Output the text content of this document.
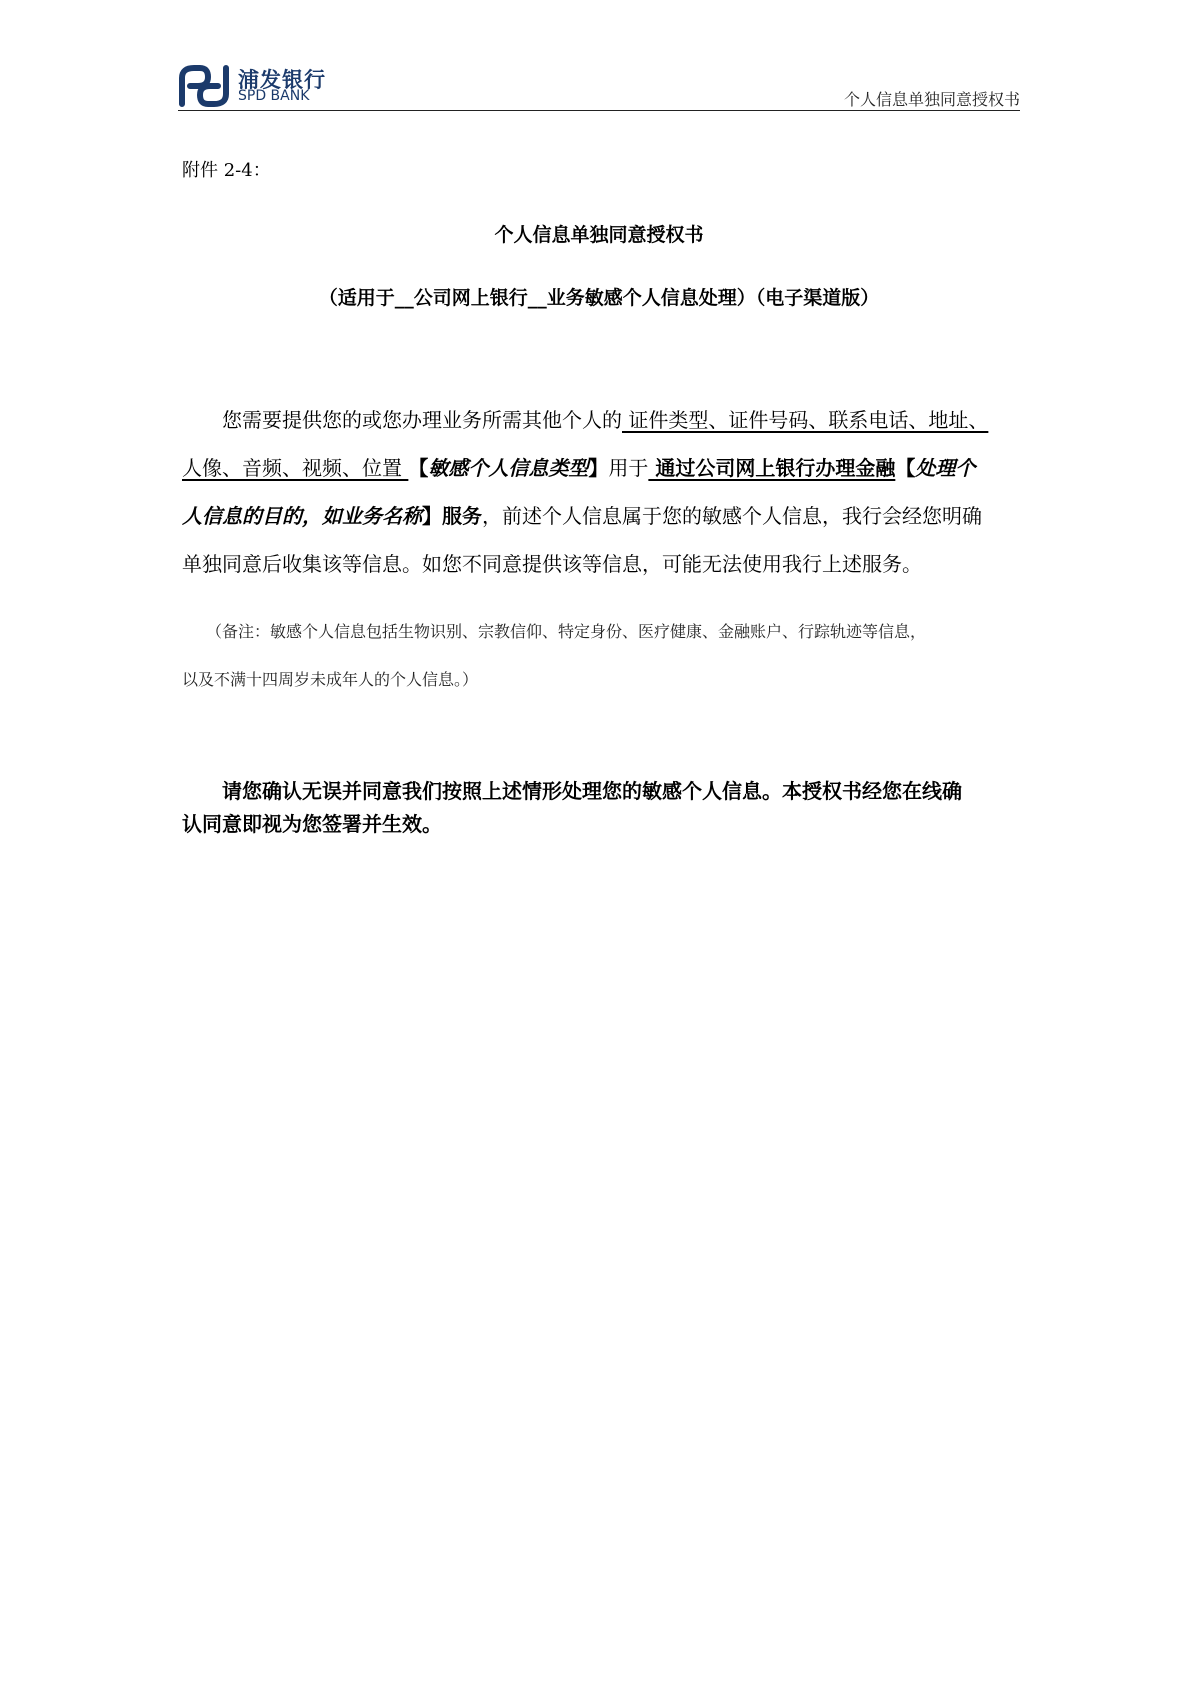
浦发银行
SPD BANK	个人信息单独同意授权书
附件 2-4：
个人信息单独同意授权书
（适用于__公司网上银行__业务敏感个人信息处理）（电子渠道版）
　　您需要提供您的或您办理业务所需其他个人的 证件类型、证件号码、联系电话、地址、
人像、音频、视频、位置 【敏感个人信息类型】用于 通过公司网上银行办理金融【处理个
人信息的目的，如业务名称】服务，前述个人信息属于您的敏感个人信息，我行会经您明确
单独同意后收集该等信息。如您不同意提供该等信息，可能无法使用我行上述服务。
　　（备注：敏感个人信息包括生物识别、宗教信仰、特定身份、医疗健康、金融账户、行踪轨迹等信息，
以及不满十四周岁未成年人的个人信息。）
　　请您确认无误并同意我们按照上述情形处理您的敏感个人信息。本授权书经您在线确
认同意即视为您签署并生效。
